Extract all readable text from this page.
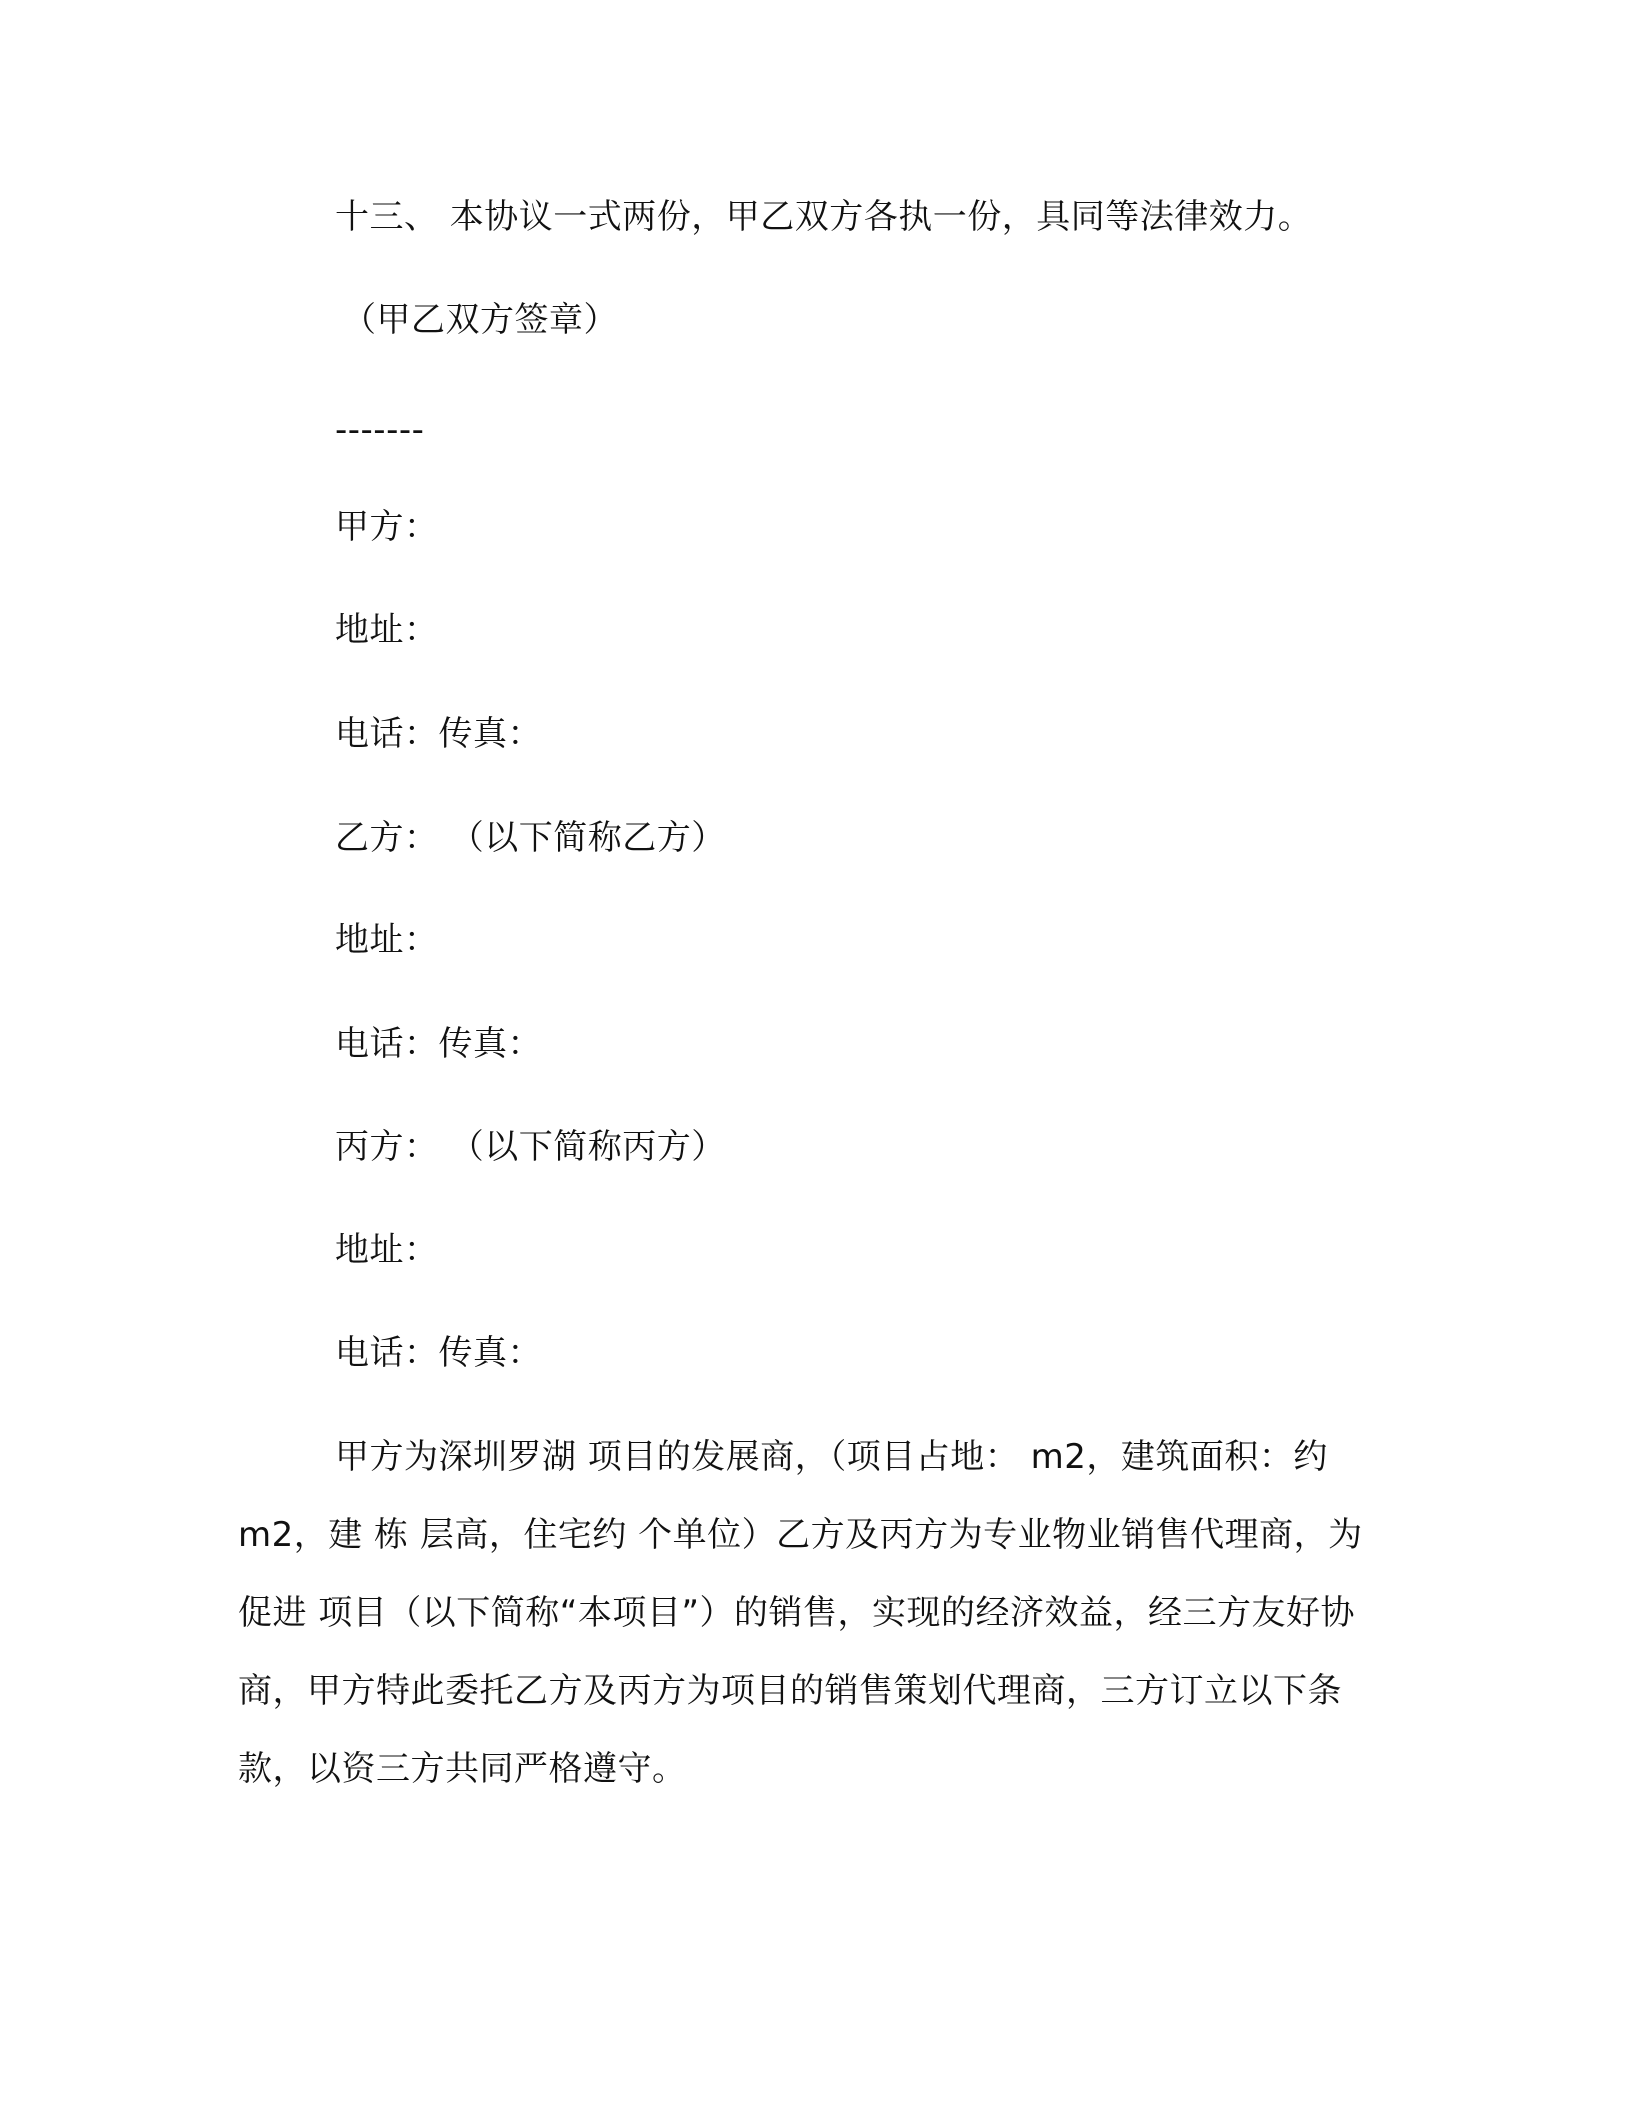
十三、 本协议一式两份，甲乙双方各执一份，具同等法律效力。
（甲乙双方签章）
-------
甲方：
地址：
电话：传真：
乙方： （以下简称乙方）
地址：
电话：传真：
丙方： （以下简称丙方）
地址：
电话：传真：

甲方为深圳罗湖 项目的发展商，（项目占地： m2，建筑面积：约 m2，建 栋 层高，住宅约 个单位）乙方及丙方为专业物业销售代理商，为促进 项目（以下简称“本项目”）的销售，实现的经济效益，经三方友好协商，甲方特此委托乙方及丙方为项目的销售策划代理商，三方订立以下条款，以资三方共同严格遵守。
